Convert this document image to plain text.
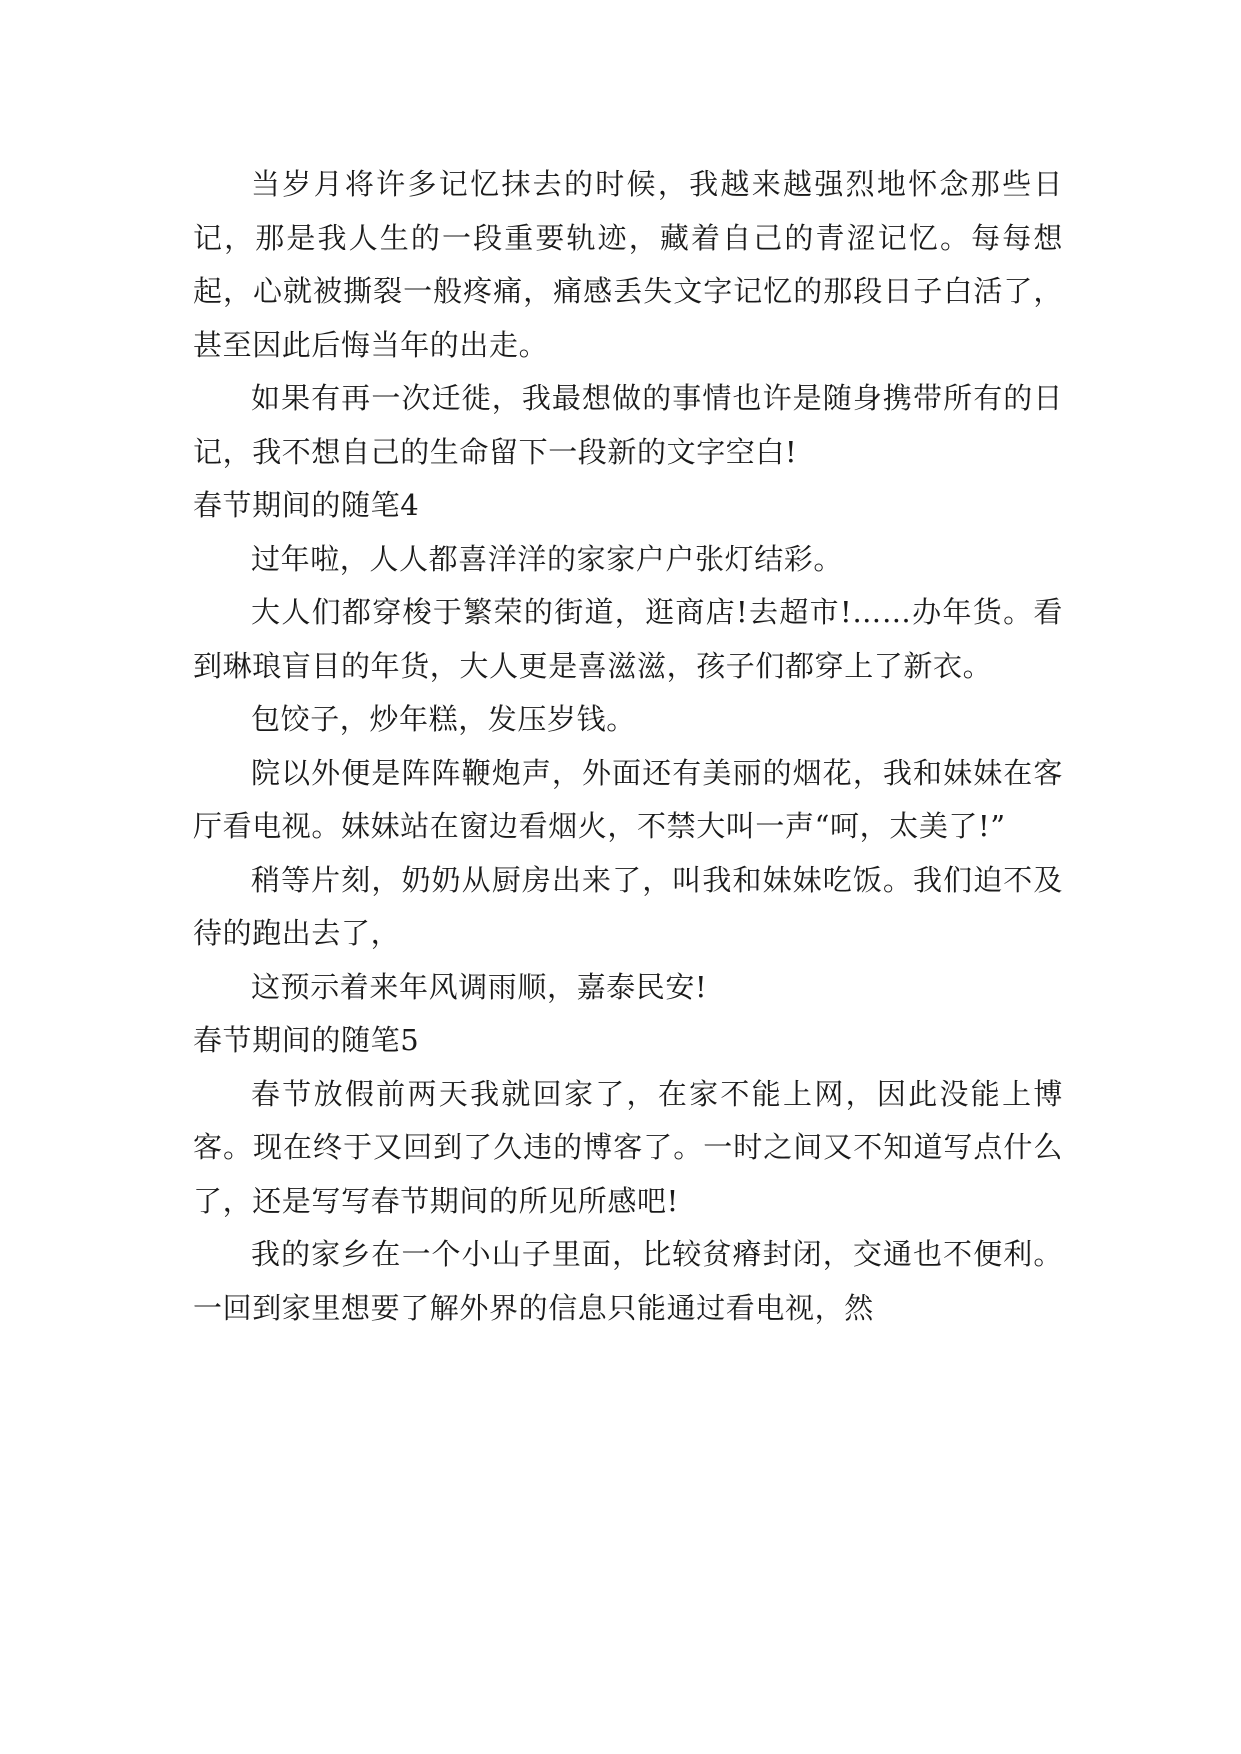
当岁月将许多记忆抹去的时候，我越来越强烈地怀念那些日记，那是我人生的一段重要轨迹，藏着自己的青涩记忆。每每想起，心就被撕裂一般疼痛，痛感丢失文字记忆的那段日子白活了，甚至因此后悔当年的出走。

如果有再一次迁徙，我最想做的事情也许是随身携带所有的日记，我不想自己的生命留下一段新的文字空白!

春节期间的随笔4

过年啦，人人都喜洋洋的家家户户张灯结彩。

大人们都穿梭于繁荣的街道，逛商店!去超市!……办年货。看到琳琅盲目的年货，大人更是喜滋滋，孩子们都穿上了新衣。

包饺子，炒年糕，发压岁钱。

院以外便是阵阵鞭炮声，外面还有美丽的烟花，我和妹妹在客厅看电视。妹妹站在窗边看烟火，不禁大叫一声“呵，太美了!”

稍等片刻，奶奶从厨房出来了，叫我和妹妹吃饭。我们迫不及待的跑出去了，

这预示着来年风调雨顺，嘉泰民安!

春节期间的随笔5

春节放假前两天我就回家了，在家不能上网，因此没能上博客。现在终于又回到了久违的博客了。一时之间又不知道写点什么了，还是写写春节期间的所见所感吧!

我的家乡在一个小山子里面，比较贫瘠封闭，交通也不便利。一回到家里想要了解外界的信息只能通过看电视，然
